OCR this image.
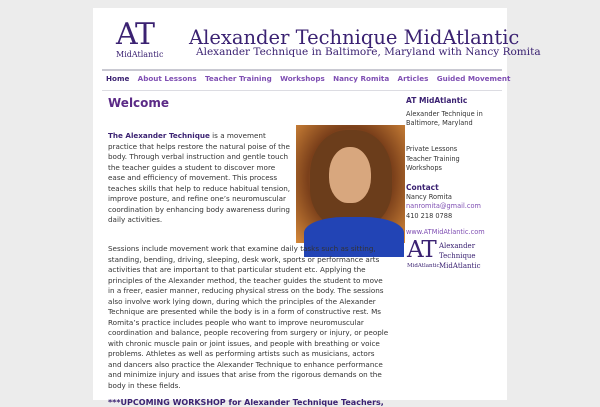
AT
MidAtlantic
Alexander Technique MidAtlantic
Alexander Technique in Baltimore, Maryland with Nancy Romita
Home About Lessons Teacher Training Workshops Nancy Romita Articles Guided Movement
Welcome
The Alexander Technique is a movement practice that helps restore the natural poise of the body. Through verbal instruction and gentle touch the teacher guides a student to discover more ease and efficiency of movement. This process teaches skills that help to reduce habitual tension, improve posture, and refine one’s neuromuscular coordination by enhancing body awareness during daily activities.
Sessions include movement work that examine daily tasks such as sitting, standing, bending, driving, sleeping, desk work, sports or performance arts activities that are important to that particular student etc. Applying the principles of the Alexander method, the teacher guides the student to move in a freer, easier manner, reducing physical stress on the body. The sessions also involve work lying down, during which the principles of the Alexander Technique are presented while the body is in a form of constructive rest. Ms Romita’s practice includes people who want to improve neuromuscular coordination and balance, people recovering from surgery or injury, or people with chronic muscle pain or joint issues, and people with breathing or voice problems. Athletes as well as performing artists such as musicians, actors and dancers also practice the Alexander Technique to enhance performance and minimize injury and issues that arise from the rigorous demands on the body in these fields.
***UPCOMING WORKSHOP for Alexander Technique Teachers,
AT MidAtlantic
Alexander Technique in
Baltimore, Maryland
Private Lessons
Teacher Training
Workshops
Contact
Nancy Romita
nanromita@gmail.com
410 218 0788
www.ATMidAtlantic.com
AT
MidAtlantic
Alexander
Technique
MidAtlantic
